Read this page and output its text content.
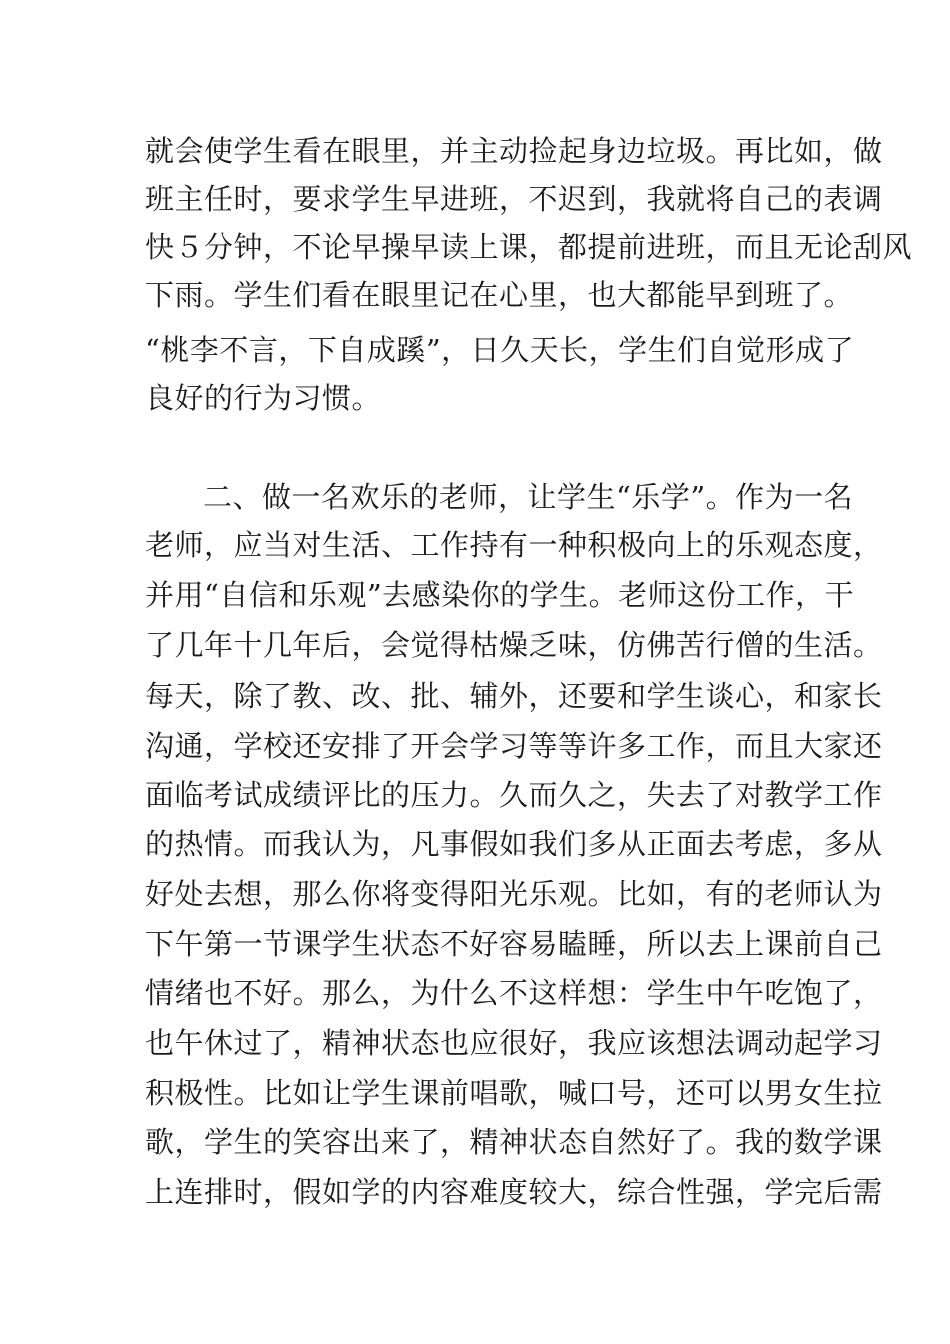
就会使学生看在眼里，并主动捡起身边垃圾。再比如，做
班主任时，要求学生早进班，不迟到，我就将自己的表调
快５分钟，不论早操早读上课，都提前进班，而且无论刮风
下雨。学生们看在眼里记在心里，也大都能早到班了。
“桃李不言，下自成蹊”，日久天长，学生们自觉形成了
良好的行为习惯。
二、做一名欢乐的老师，让学生“乐学”。作为一名
老师，应当对生活、工作持有一种积极向上的乐观态度，
并用“自信和乐观”去感染你的学生。老师这份工作，干
了几年十几年后，会觉得枯燥乏味，仿佛苦行僧的生活。
每天，除了教、改、批、辅外，还要和学生谈心，和家长
沟通，学校还安排了开会学习等等许多工作，而且大家还
面临考试成绩评比的压力。久而久之，失去了对教学工作
的热情。而我认为，凡事假如我们多从正面去考虑，多从
好处去想，那么你将变得阳光乐观。比如，有的老师认为
下午第一节课学生状态不好容易瞌睡，所以去上课前自己
情绪也不好。那么，为什么不这样想：学生中午吃饱了，
也午休过了，精神状态也应很好，我应该想法调动起学习
积极性。比如让学生课前唱歌，喊口号，还可以男女生拉
歌，学生的笑容出来了，精神状态自然好了。我的数学课
上连排时，假如学的内容难度较大，综合性强，学完后需
